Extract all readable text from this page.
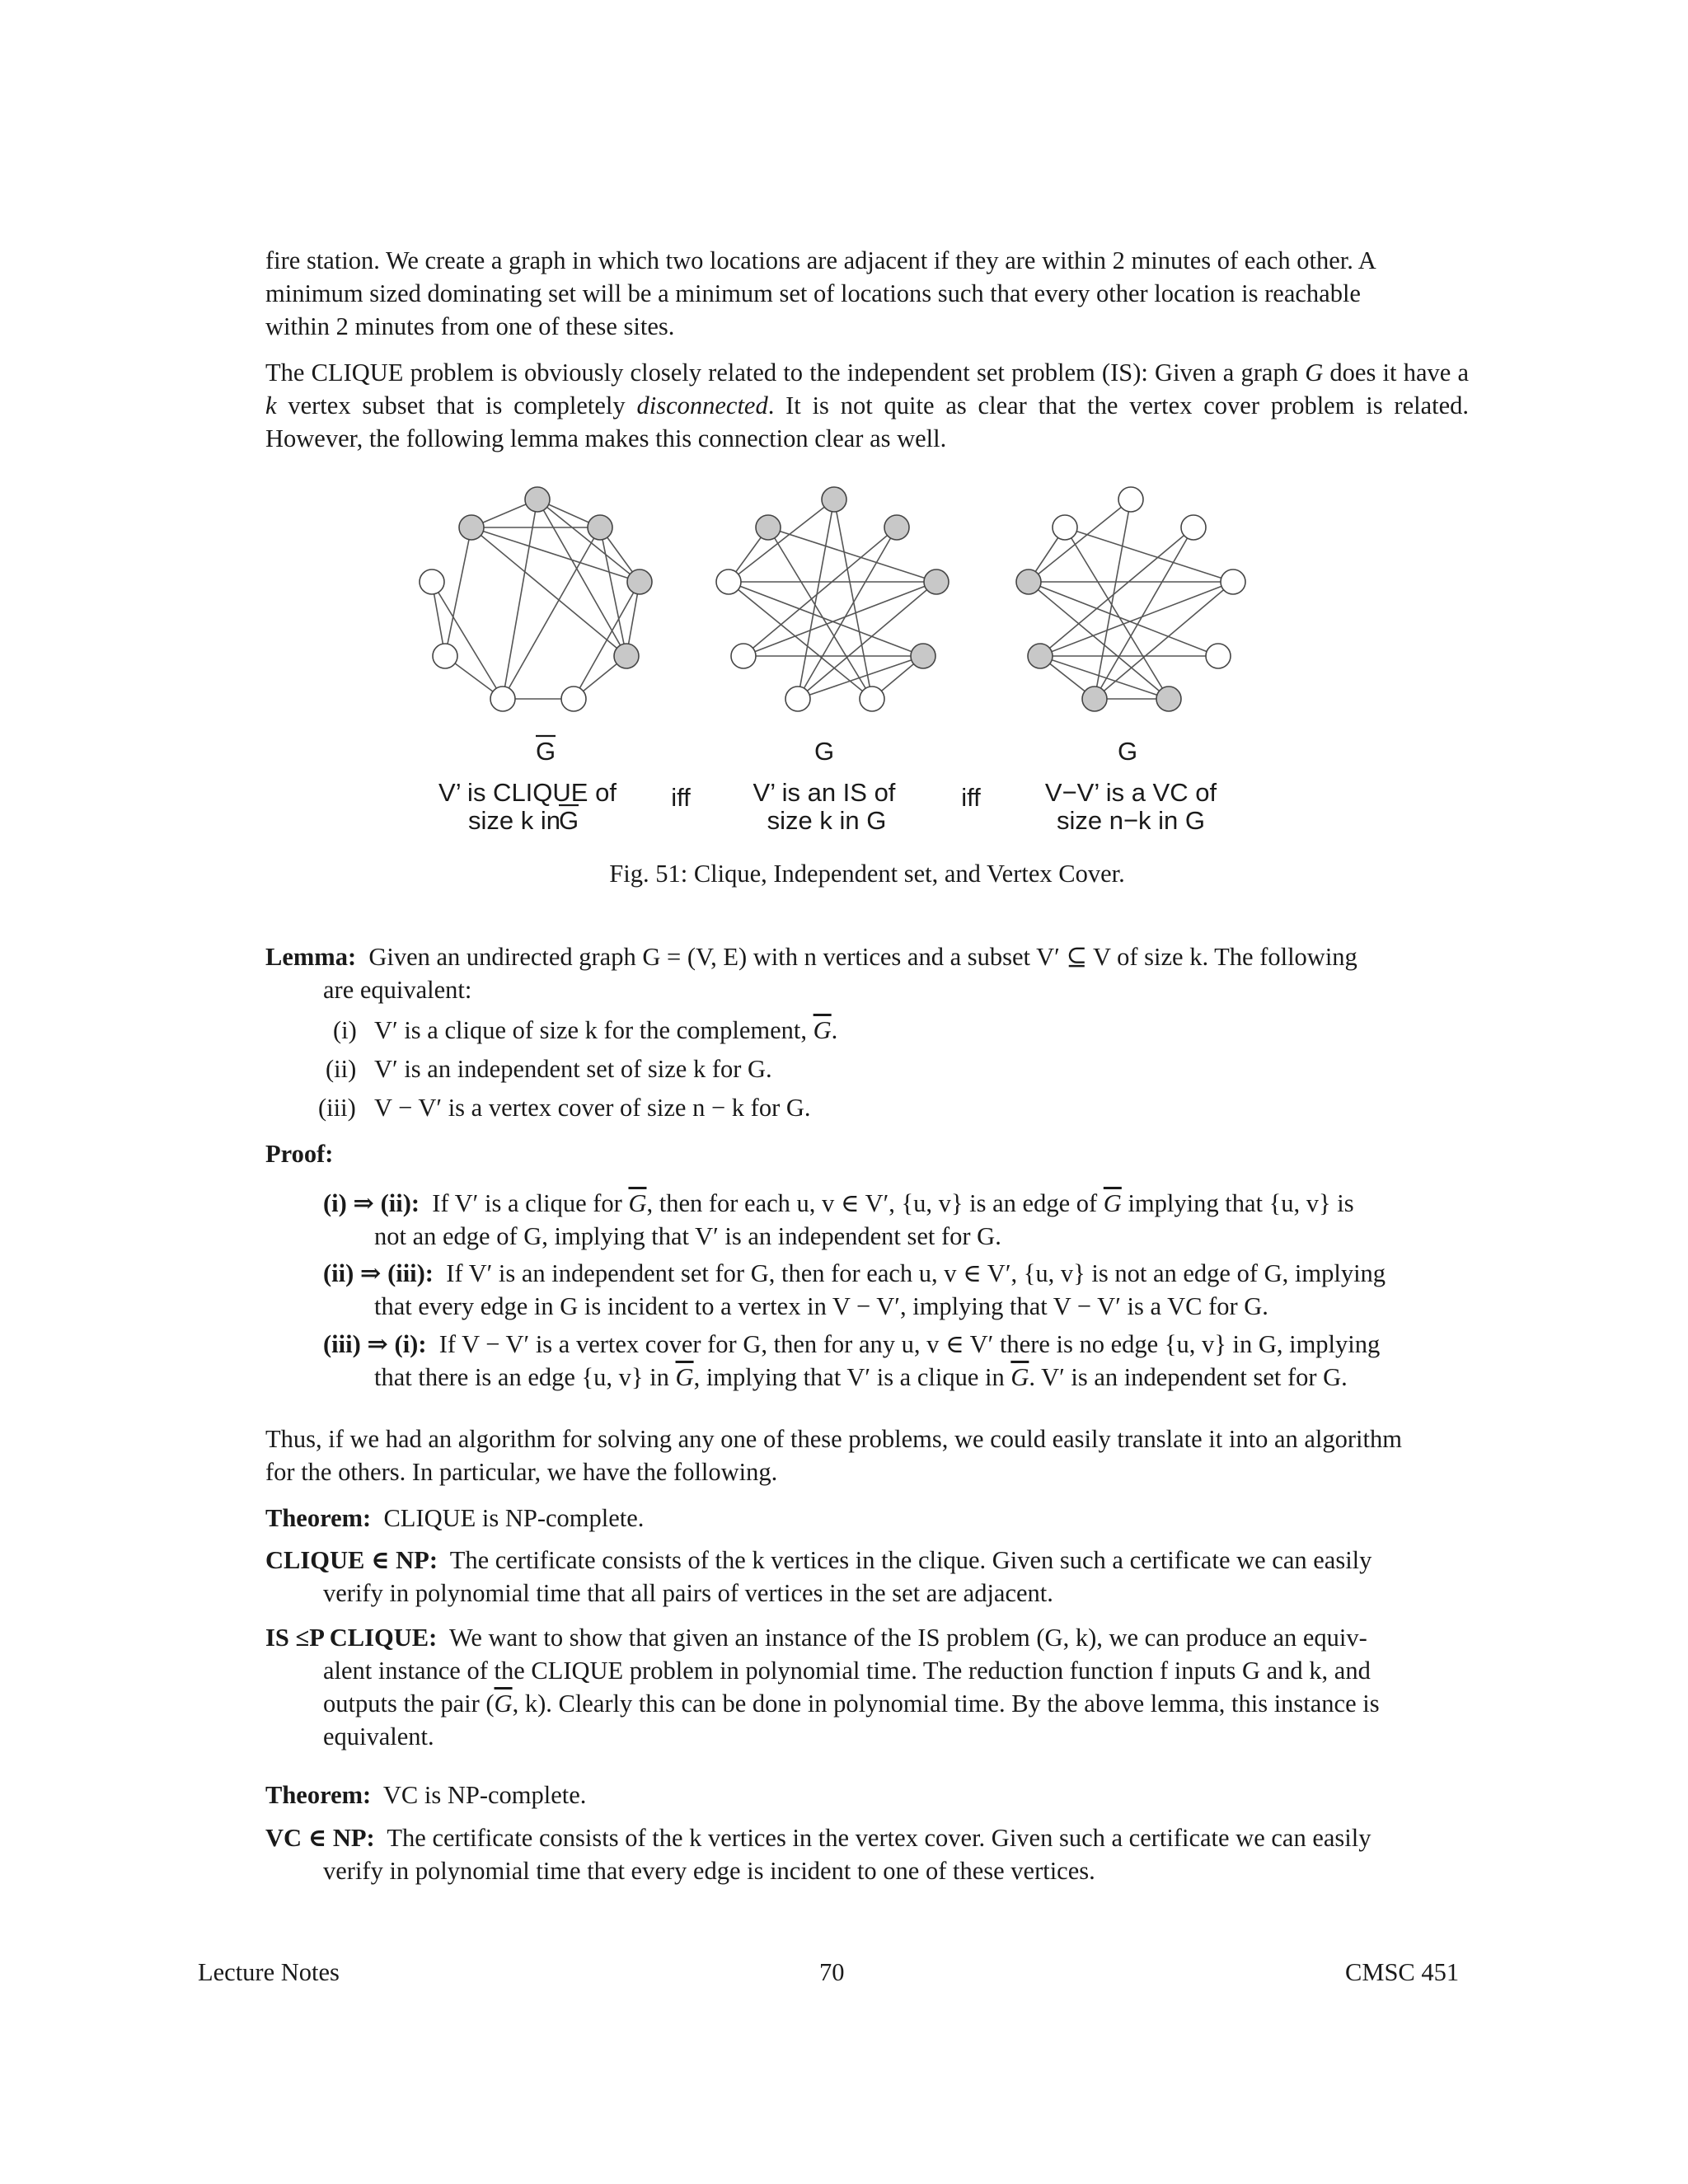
fire station. We create a graph in which two locations are adjacent if they are within 2 minutes of each other. A

minimum sized dominating set will be a minimum set of locations such that every other location is reachable

within 2 minutes from one of these sites.

The CLIQUE problem is obviously closely related to the independent set problem (IS): Given a graph G does it have a k vertex subset that is completely disconnected. It is not quite as clear that the vertex cover problem is related. However, the following lemma makes this connection clear as well.

G
V’ is CLIQUE of
size k in
G
iff
G
V’ is an IS of
size k in G
iff
G
V−V’ is a VC of
size n−k in G
Fig. 51: Clique, Independent set, and Vertex Cover.

Lemma: Given an undirected graph G = (V, E) with n vertices and a subset V′ ⊆ V of size k. The following

are equivalent:

(i) V′ is a clique of size k for the complement, $\overline{G}$.
(ii) V′ is an independent set of size k for G.
(iii) V − V′ is a vertex cover of size n − k for G.
Proof:
(i) ⇒ (ii): If V′ is a clique for $\overline{G}$, then for each u, v ∈ V′, {u, v} is an edge of $\overline{G}$ implying that {u, v} is
not an edge of G, implying that V′ is an independent set for G.
(ii) ⇒ (iii): If V′ is an independent set for G, then for each u, v ∈ V′, {u, v} is not an edge of G, implying
that every edge in G is incident to a vertex in V − V′, implying that V − V′ is a VC for G.
(iii) ⇒ (i): If V − V′ is a vertex cover for G, then for any u, v ∈ V′ there is no edge {u, v} in G, implying
that there is an edge {u, v} in $\overline{G}$, implying that V′ is a clique in $\overline{G}$. V′ is an independent set for G.

Thus, if we had an algorithm for solving any one of these problems, we could easily translate it into an algorithm

for the others. In particular, we have the following.

Theorem: CLIQUE is NP-complete.
CLIQUE ∈ NP: The certificate consists of the k vertices in the clique. Given such a certificate we can easily
verify in polynomial time that all pairs of vertices in the set are adjacent.
IS ≤P CLIQUE: We want to show that given an instance of the IS problem (G, k), we can produce an equiv-
alent instance of the CLIQUE problem in polynomial time. The reduction function f inputs G and k, and
outputs the pair ($\overline{G}$, k). Clearly this can be done in polynomial time. By the above lemma, this instance is
equivalent.
Theorem: VC is NP-complete.
VC ∈ NP: The certificate consists of the k vertices in the vertex cover. Given such a certificate we can easily
verify in polynomial time that every edge is incident to one of these vertices.
Lecture Notes	70	CMSC 451
